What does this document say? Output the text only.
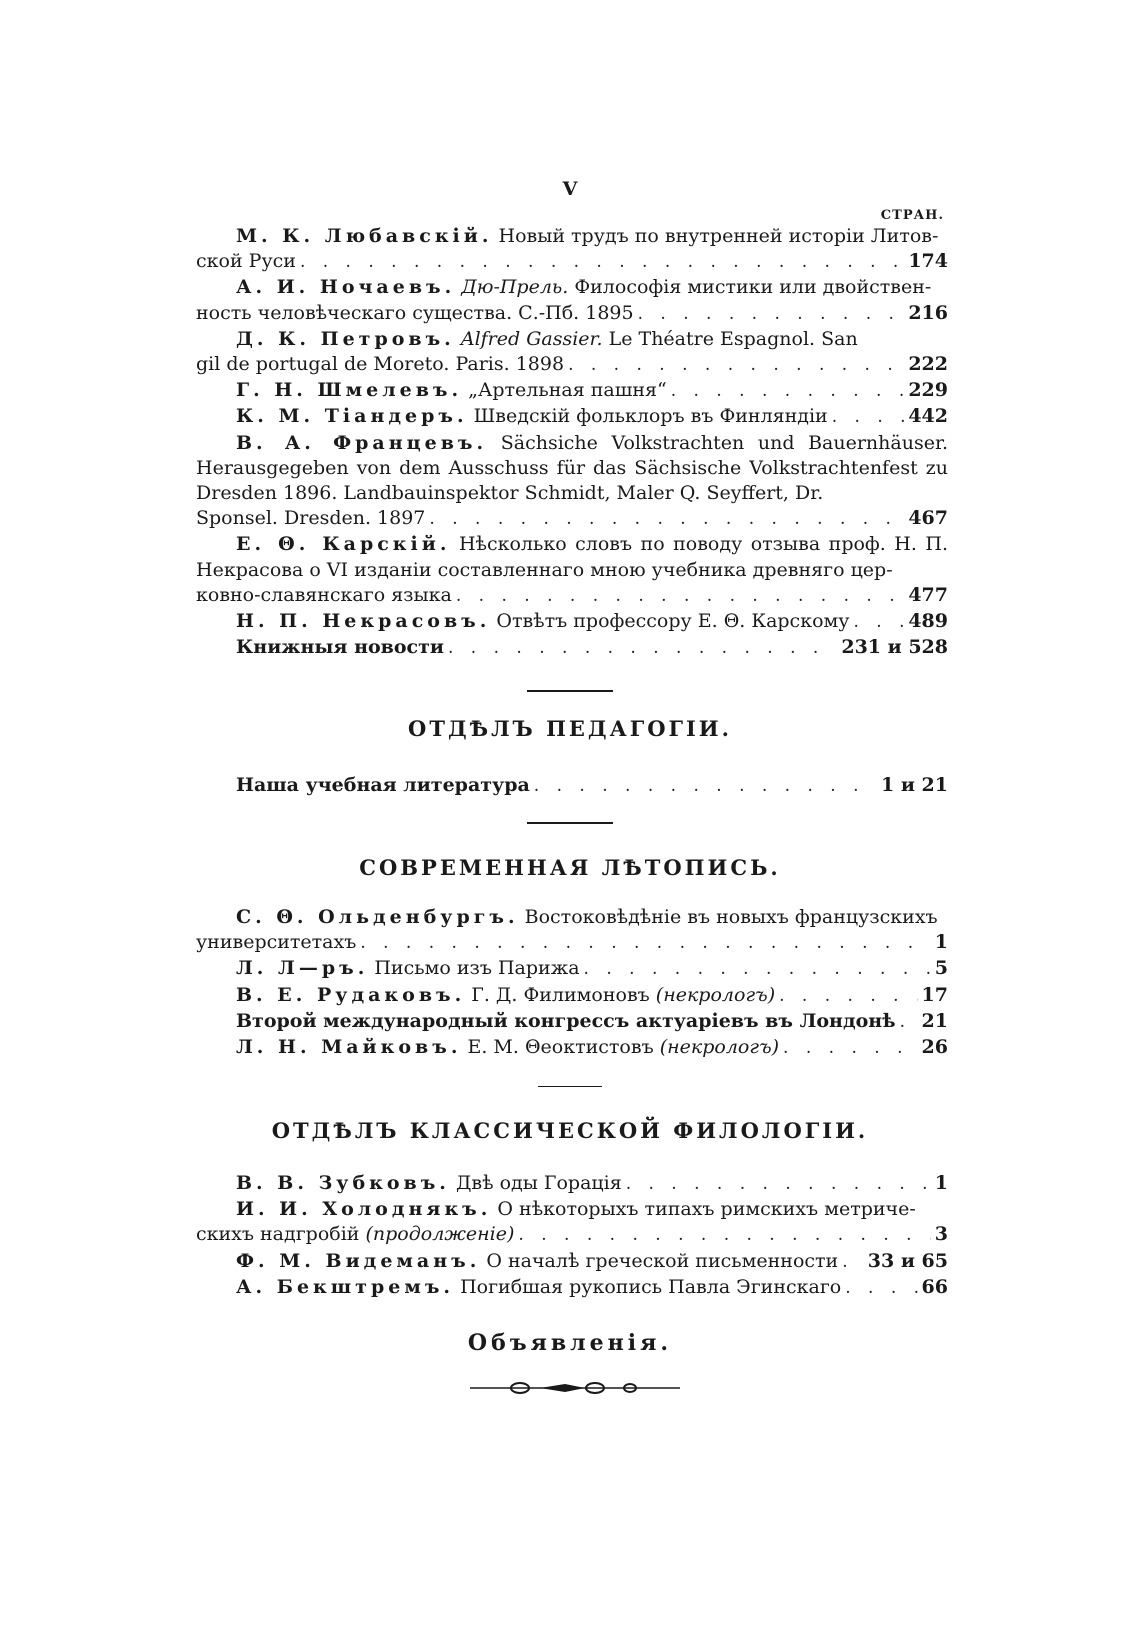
V
СТРАН.

М. К. Любавскій. Новый трудъ по внутренней исторіи Литов-

ской Руси . . .	174

А. И. Ночаевъ. Дю-Прель. Философія мистики или двойствен-

ность человѣческаго существа. С.-Пб. 1895 . . .	216

Д. К. Петровъ. Alfred Gassier. Le Théatre Espagnol. San

gil de portugal de Moreto. Paris. 1898 . . .	222
Г. Н. Шмелевъ. „Артельная пашня“ . . .	229
К. М. Тіандеръ. Шведскій фольклоръ въ Финляндіи . . .	442

В. А. Францевъ. Sächsiche Volkstrachten und Bauernhäuser. Herausgegeben von dem Ausschuss für das Sächsische Volkstrachtenfest zu Dresden 1896. Landbauinspektor Schmidt, Maler Q. Seyffert, Dr.

Sponsel. Dresden. 1897 . . .	467

Е. Θ. Карскій. Нѣсколько словъ по поводу отзыва проф. Н. П. Некрасова о VI изданіи составленнаго мною учебника древняго цер-

ковно-славянскаго языка . . .	477
Н. П. Некрасовъ. Отвѣтъ профессору Е. Θ. Карскому . . .	489
Книжныя новости . . .	231 и 528
ОТДѢЛЪ ПЕДАГОГІИ.
Наша учебная литература . . .	1 и 21
СОВРЕМЕННАЯ ЛѢТОПИСЬ.

С. Θ. Ольденбургъ. Востоковѣдѣніе въ новыхъ французскихъ

университетахъ . . .	1
Л. Л—ръ. Письмо изъ Парижа . . .	5
В. Е. Рудаковъ. Г. Д. Филимоновъ (некрологъ) . . .	17
Второй международный конгрессъ актуаріевъ въ Лондонѣ . . . 21
Л. Н. Майковъ. Е. М. Θеоктистовъ (некрологъ) . . .	26
ОТДѢЛЪ КЛАССИЧЕСКОЙ ФИЛОЛОГІИ.
В. В. Зубковъ. Двѣ оды Горація . . .	1

И. И. Холоднякъ. О нѣкоторыхъ типахъ римскихъ метриче-

скихъ надгробій (продолженіе) . . .	3
Ф. М. Видеманъ. О началѣ греческой письменности . . . 33 и 65
А. Бекштремъ. Погибшая рукопись Павла Эгинскаго . . .	66
Объявленія.
